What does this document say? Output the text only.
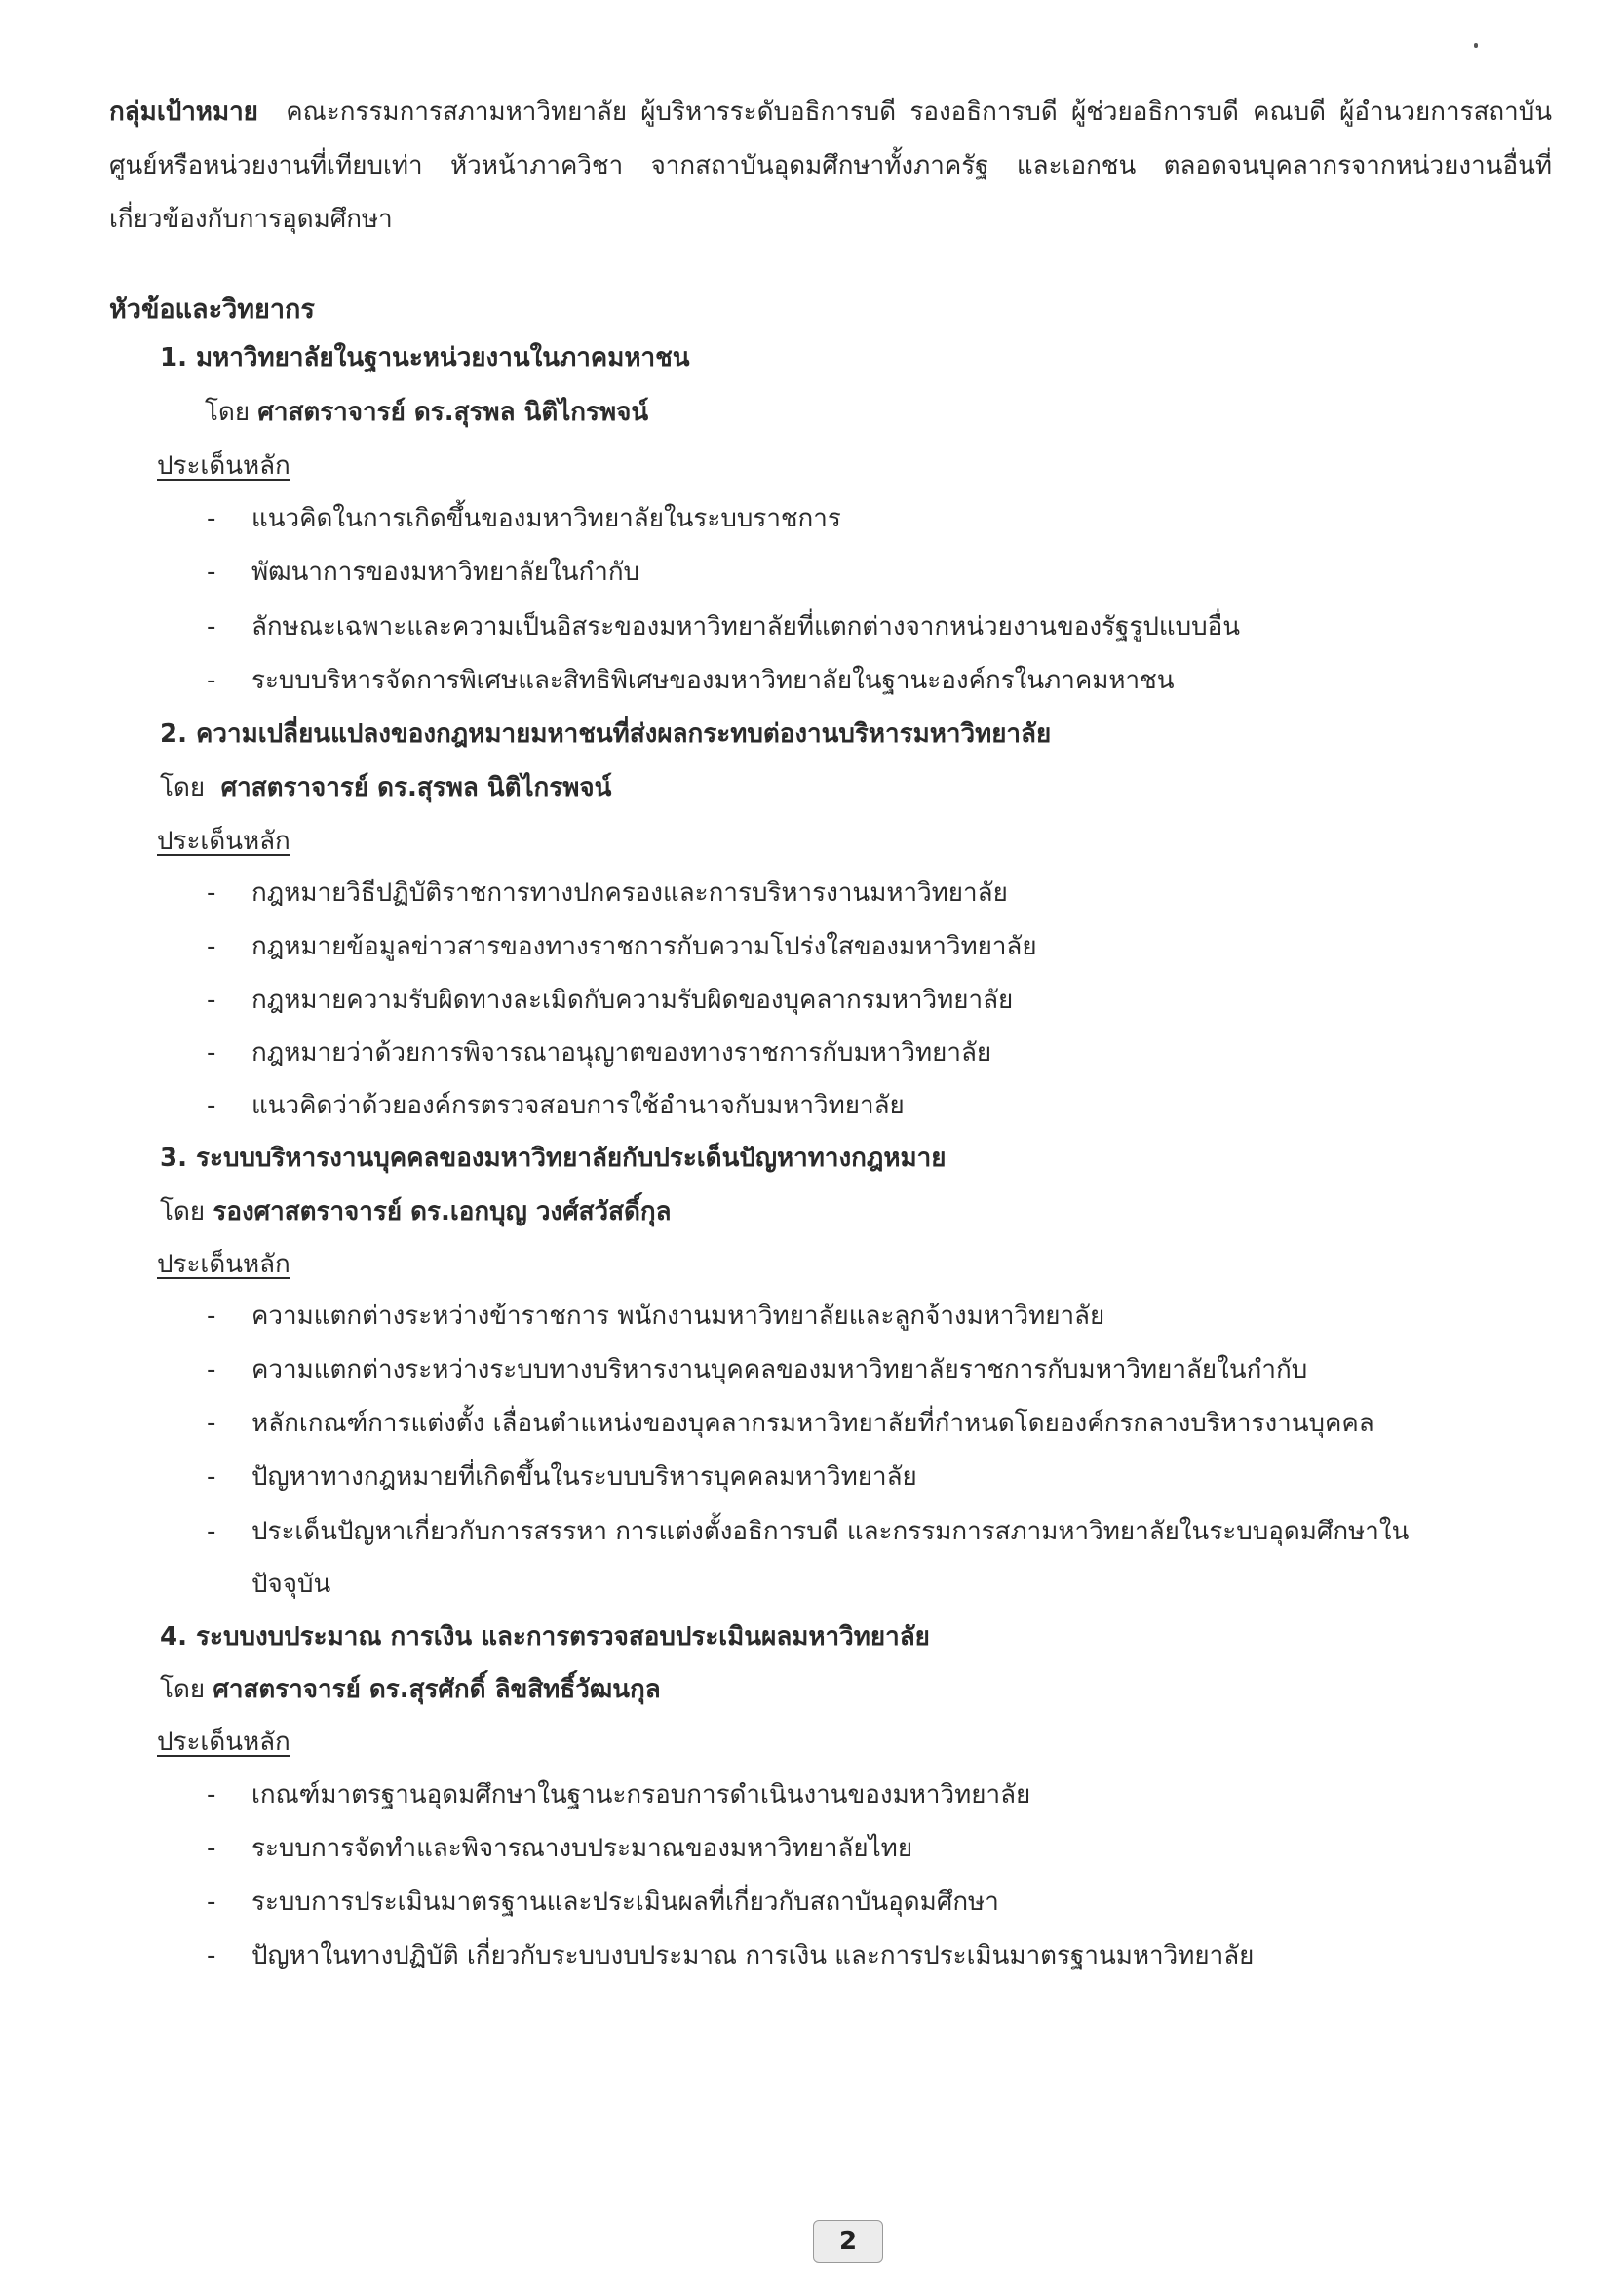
กลุ่มเป้าหมาย คณะกรรมการสภามหาวิทยาลัย ผู้บริหารระดับอธิการบดี รองอธิการบดี ผู้ช่วยอธิการบดี คณบดี ผู้อำนวยการสถาบัน ศูนย์หรือหน่วยงานที่เทียบเท่า หัวหน้าภาควิชา จากสถาบันอุดมศึกษาทั้งภาครัฐ และเอกชน ตลอดจนบุคลากรจากหน่วยงานอื่นที่เกี่ยวข้องกับการอุดมศึกษา
หัวข้อและวิทยากร
1. มหาวิทยาลัยในฐานะหน่วยงานในภาคมหาชน
โดย ศาสตราจารย์ ดร.สุรพล นิติไกรพจน์
ประเด็นหลัก
- แนวคิดในการเกิดขึ้นของมหาวิทยาลัยในระบบราชการ
- พัฒนาการของมหาวิทยาลัยในกำกับ
- ลักษณะเฉพาะและความเป็นอิสระของมหาวิทยาลัยที่แตกต่างจากหน่วยงานของรัฐรูปแบบอื่น
- ระบบบริหารจัดการพิเศษและสิทธิพิเศษของมหาวิทยาลัยในฐานะองค์กรในภาคมหาชน
2. ความเปลี่ยนแปลงของกฎหมายมหาชนที่ส่งผลกระทบต่องานบริหารมหาวิทยาลัย
โดย ศาสตราจารย์ ดร.สุรพล นิติไกรพจน์
ประเด็นหลัก
- กฎหมายวิธีปฏิบัติราชการทางปกครองและการบริหารงานมหาวิทยาลัย
- กฎหมายข้อมูลข่าวสารของทางราชการกับความโปร่งใสของมหาวิทยาลัย
- กฎหมายความรับผิดทางละเมิดกับความรับผิดของบุคลากรมหาวิทยาลัย
- กฎหมายว่าด้วยการพิจารณาอนุญาตของทางราชการกับมหาวิทยาลัย
- แนวคิดว่าด้วยองค์กรตรวจสอบการใช้อำนาจกับมหาวิทยาลัย
3. ระบบบริหารงานบุคคลของมหาวิทยาลัยกับประเด็นปัญหาทางกฎหมาย
โดย รองศาสตราจารย์ ดร.เอกบุญ วงศ์สวัสดิ์กุล
ประเด็นหลัก
- ความแตกต่างระหว่างข้าราชการ พนักงานมหาวิทยาลัยและลูกจ้างมหาวิทยาลัย
- ความแตกต่างระหว่างระบบทางบริหารงานบุคคลของมหาวิทยาลัยราชการกับมหาวิทยาลัยในกำกับ
- หลักเกณฑ์การแต่งตั้ง เลื่อนตำแหน่งของบุคลากรมหาวิทยาลัยที่กำหนดโดยองค์กรกลางบริหารงานบุคคล
- ปัญหาทางกฎหมายที่เกิดขึ้นในระบบบริหารบุคคลมหาวิทยาลัย
- ประเด็นปัญหาเกี่ยวกับการสรรหา การแต่งตั้งอธิการบดี และกรรมการสภามหาวิทยาลัยในระบบอุดมศึกษาใน
ปัจจุบัน
4. ระบบงบประมาณ การเงิน และการตรวจสอบประเมินผลมหาวิทยาลัย
โดย ศาสตราจารย์ ดร.สุรศักดิ์ ลิขสิทธิ์วัฒนกุล
ประเด็นหลัก
- เกณฑ์มาตรฐานอุดมศึกษาในฐานะกรอบการดำเนินงานของมหาวิทยาลัย
- ระบบการจัดทำและพิจารณางบประมาณของมหาวิทยาลัยไทย
- ระบบการประเมินมาตรฐานและประเมินผลที่เกี่ยวกับสถาบันอุดมศึกษา
- ปัญหาในทางปฏิบัติ เกี่ยวกับระบบงบประมาณ การเงิน และการประเมินมาตรฐานมหาวิทยาลัย
2
